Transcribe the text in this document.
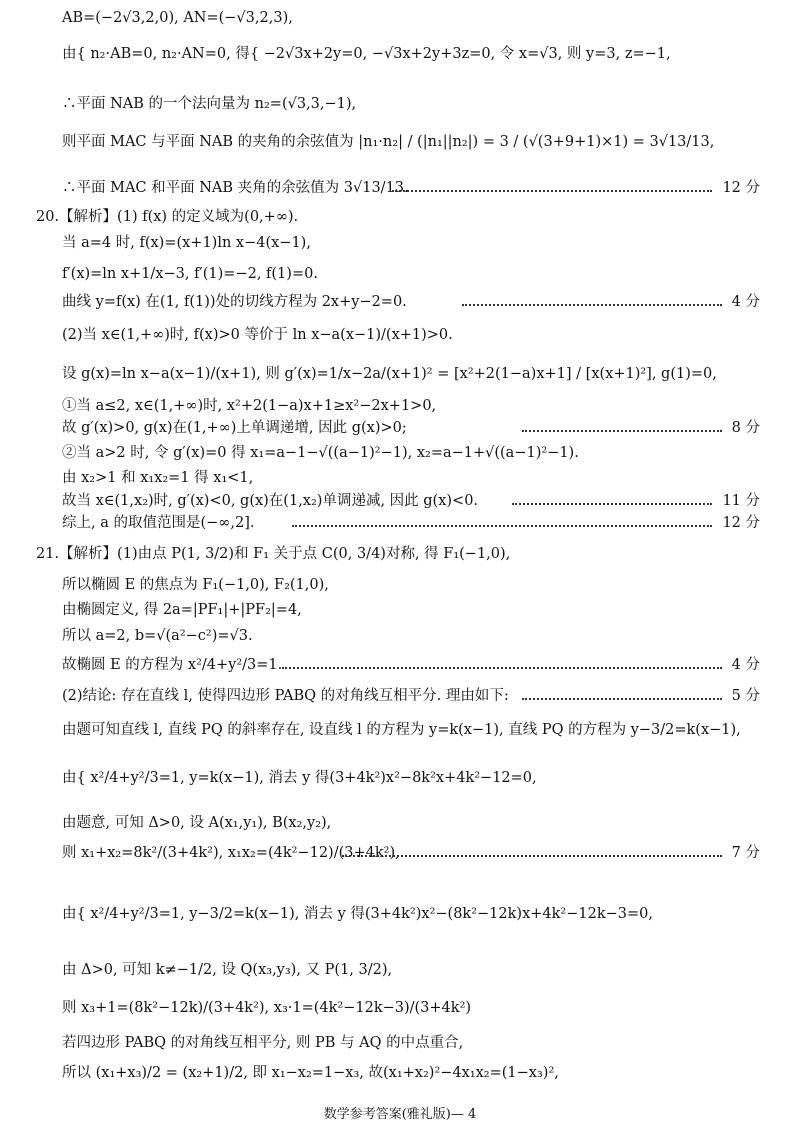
AB=(−2√3,2,0), AN=(−√3,2,3),
由{ n₂·AB=0, n₂·AN=0, 得{ −2√3x+2y=0, −√3x+2y+3z=0, 令 x=√3, 则 y=3, z=−1,
∴平面 NAB 的一个法向量为 n₂=(√3,3,−1),
则平面 MAC 与平面 NAB 的夹角的余弦值为 |n₁·n₂| / (|n₁||n₂|) = 3 / (√(3+9+1)×1) = 3√13/13,
∴平面 MAC 和平面 NAB 夹角的余弦值为 3√13/13.
20.【解析】(1) f(x) 的定义域为(0,+∞).
当 a=4 时, f(x)=(x+1)ln x−4(x−1),
f′(x)=ln x+1/x−3, f′(1)=−2, f(1)=0.
曲线 y=f(x) 在(1, f(1))处的切线方程为 2x+y−2=0.
(2)当 x∈(1,+∞)时, f(x)>0 等价于 ln x−a(x−1)/(x+1)>0.
设 g(x)=ln x−a(x−1)/(x+1), 则 g′(x)=1/x−2a/(x+1)² = [x²+2(1−a)x+1] / [x(x+1)²], g(1)=0,
①当 a≤2, x∈(1,+∞)时, x²+2(1−a)x+1≥x²−2x+1>0,
故 g′(x)>0, g(x)在(1,+∞)上单调递增, 因此 g(x)>0;
②当 a>2 时, 令 g′(x)=0 得 x₁=a−1−√((a−1)²−1), x₂=a−1+√((a−1)²−1).
由 x₂>1 和 x₁x₂=1 得 x₁<1,
故当 x∈(1,x₂)时, g′(x)<0, g(x)在(1,x₂)单调递减, 因此 g(x)<0.
综上, a 的取值范围是(−∞,2].
21.【解析】(1)由点 P(1, 3/2)和 F₁ 关于点 C(0, 3/4)对称, 得 F₁(−1,0),
所以椭圆 E 的焦点为 F₁(−1,0), F₂(1,0),
由椭圆定义, 得 2a=|PF₁|+|PF₂|=4,
所以 a=2, b=√(a²−c²)=√3.
故椭圆 E 的方程为 x²/4+y²/3=1.
(2)结论: 存在直线 l, 使得四边形 PABQ 的对角线互相平分. 理由如下:
由题可知直线 l, 直线 PQ 的斜率存在, 设直线 l 的方程为 y=k(x−1), 直线 PQ 的方程为 y−3/2=k(x−1),
由{ x²/4+y²/3=1, y=k(x−1), 消去 y 得(3+4k²)x²−8k²x+4k²−12=0,
由题意, 可知 Δ>0, 设 A(x₁,y₁), B(x₂,y₂),
则 x₁+x₂=8k²/(3+4k²), x₁x₂=(4k²−12)/(3+4k²),
由{ x²/4+y²/3=1, y−3/2=k(x−1), 消去 y 得(3+4k²)x²−(8k²−12k)x+4k²−12k−3=0,
由 Δ>0, 可知 k≠−1/2, 设 Q(x₃,y₃), 又 P(1, 3/2),
则 x₃+1=(8k²−12k)/(3+4k²), x₃·1=(4k²−12k−3)/(3+4k²)
若四边形 PABQ 的对角线互相平分, 则 PB 与 AQ 的中点重合,
所以 (x₁+x₃)/2 = (x₂+1)/2, 即 x₁−x₂=1−x₃, 故(x₁+x₂)²−4x₁x₂=(1−x₃)²,
12 分
4 分
8 分
11 分
12 分
4 分
5 分
7 分
数学参考答案(雅礼版)— 4
